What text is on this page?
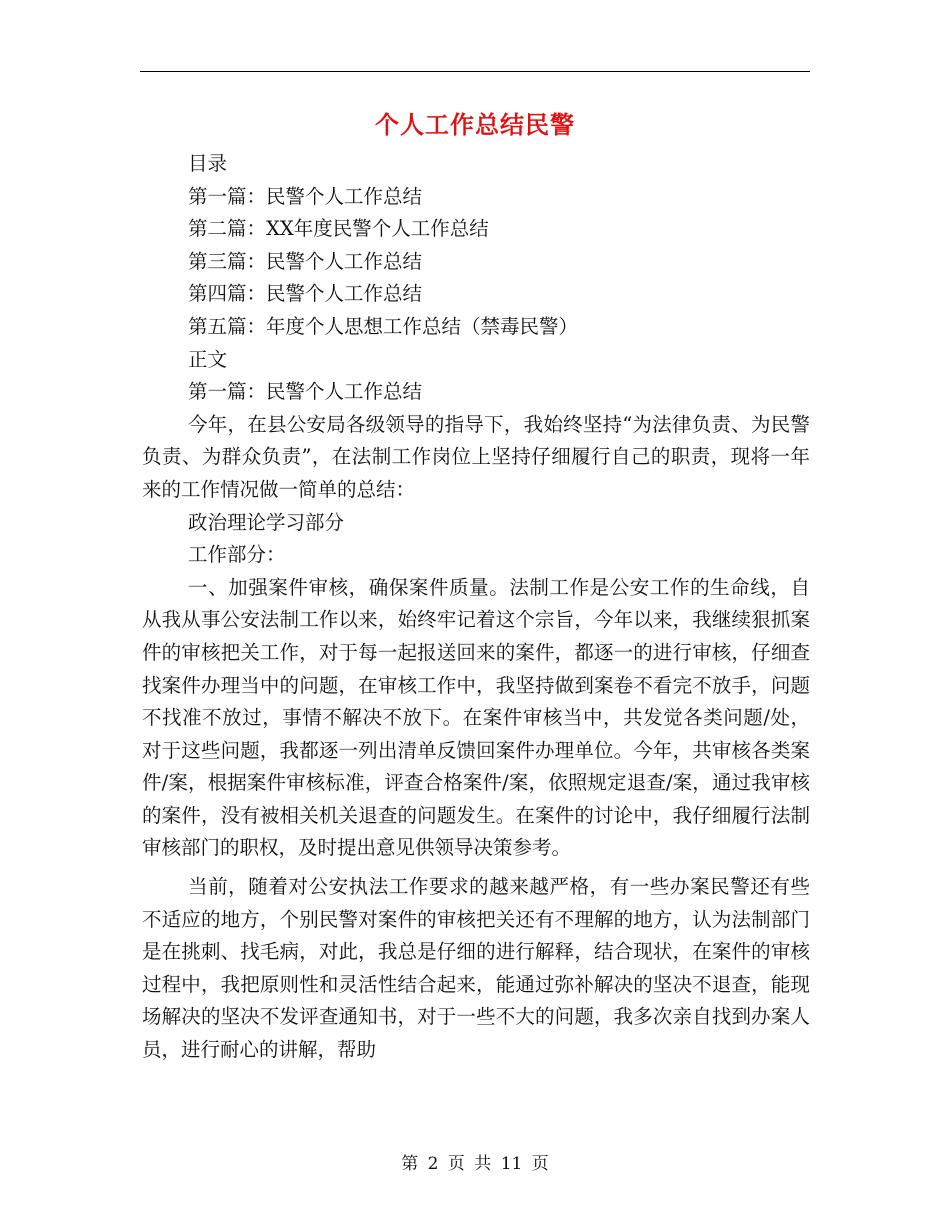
个人工作总结民警
目录
第一篇：民警个人工作总结
第二篇：XX年度民警个人工作总结
第三篇：民警个人工作总结
第四篇：民警个人工作总结
第五篇：年度个人思想工作总结（禁毒民警）
正文
第一篇：民警个人工作总结

今年，在县公安局各级领导的指导下，我始终坚持“为法律负责、为民警负责、为群众负责”，在法制工作岗位上坚持仔细履行自己的职责，现将一年来的工作情况做一简单的总结：

政治理论学习部分

工作部分：

一、加强案件审核，确保案件质量。法制工作是公安工作的生命线，自从我从事公安法制工作以来，始终牢记着这个宗旨，今年以来，我继续狠抓案件的审核把关工作，对于每一起报送回来的案件，都逐一的进行审核，仔细查找案件办理当中的问题，在审核工作中，我坚持做到案卷不看完不放手，问题不找准不放过，事情不解决不放下。在案件审核当中，共发觉各类问题/处，对于这些问题，我都逐一列出清单反馈回案件办理单位。今年，共审核各类案件/案，根据案件审核标准，评查合格案件/案，依照规定退查/案，通过我审核的案件，没有被相关机关退查的问题发生。在案件的讨论中，我仔细履行法制审核部门的职权，及时提出意见供领导决策参考。

当前，随着对公安执法工作要求的越来越严格，有一些办案民警还有些不适应的地方，个别民警对案件的审核把关还有不理解的地方，认为法制部门是在挑刺、找毛病，对此，我总是仔细的进行解释，结合现状，在案件的审核过程中，我把原则性和灵活性结合起来，能通过弥补解决的坚决不退查，能现场解决的坚决不发评查通知书，对于一些不大的问题，我多次亲自找到办案人员，进行耐心的讲解，帮助

第 2 页 共 11 页
